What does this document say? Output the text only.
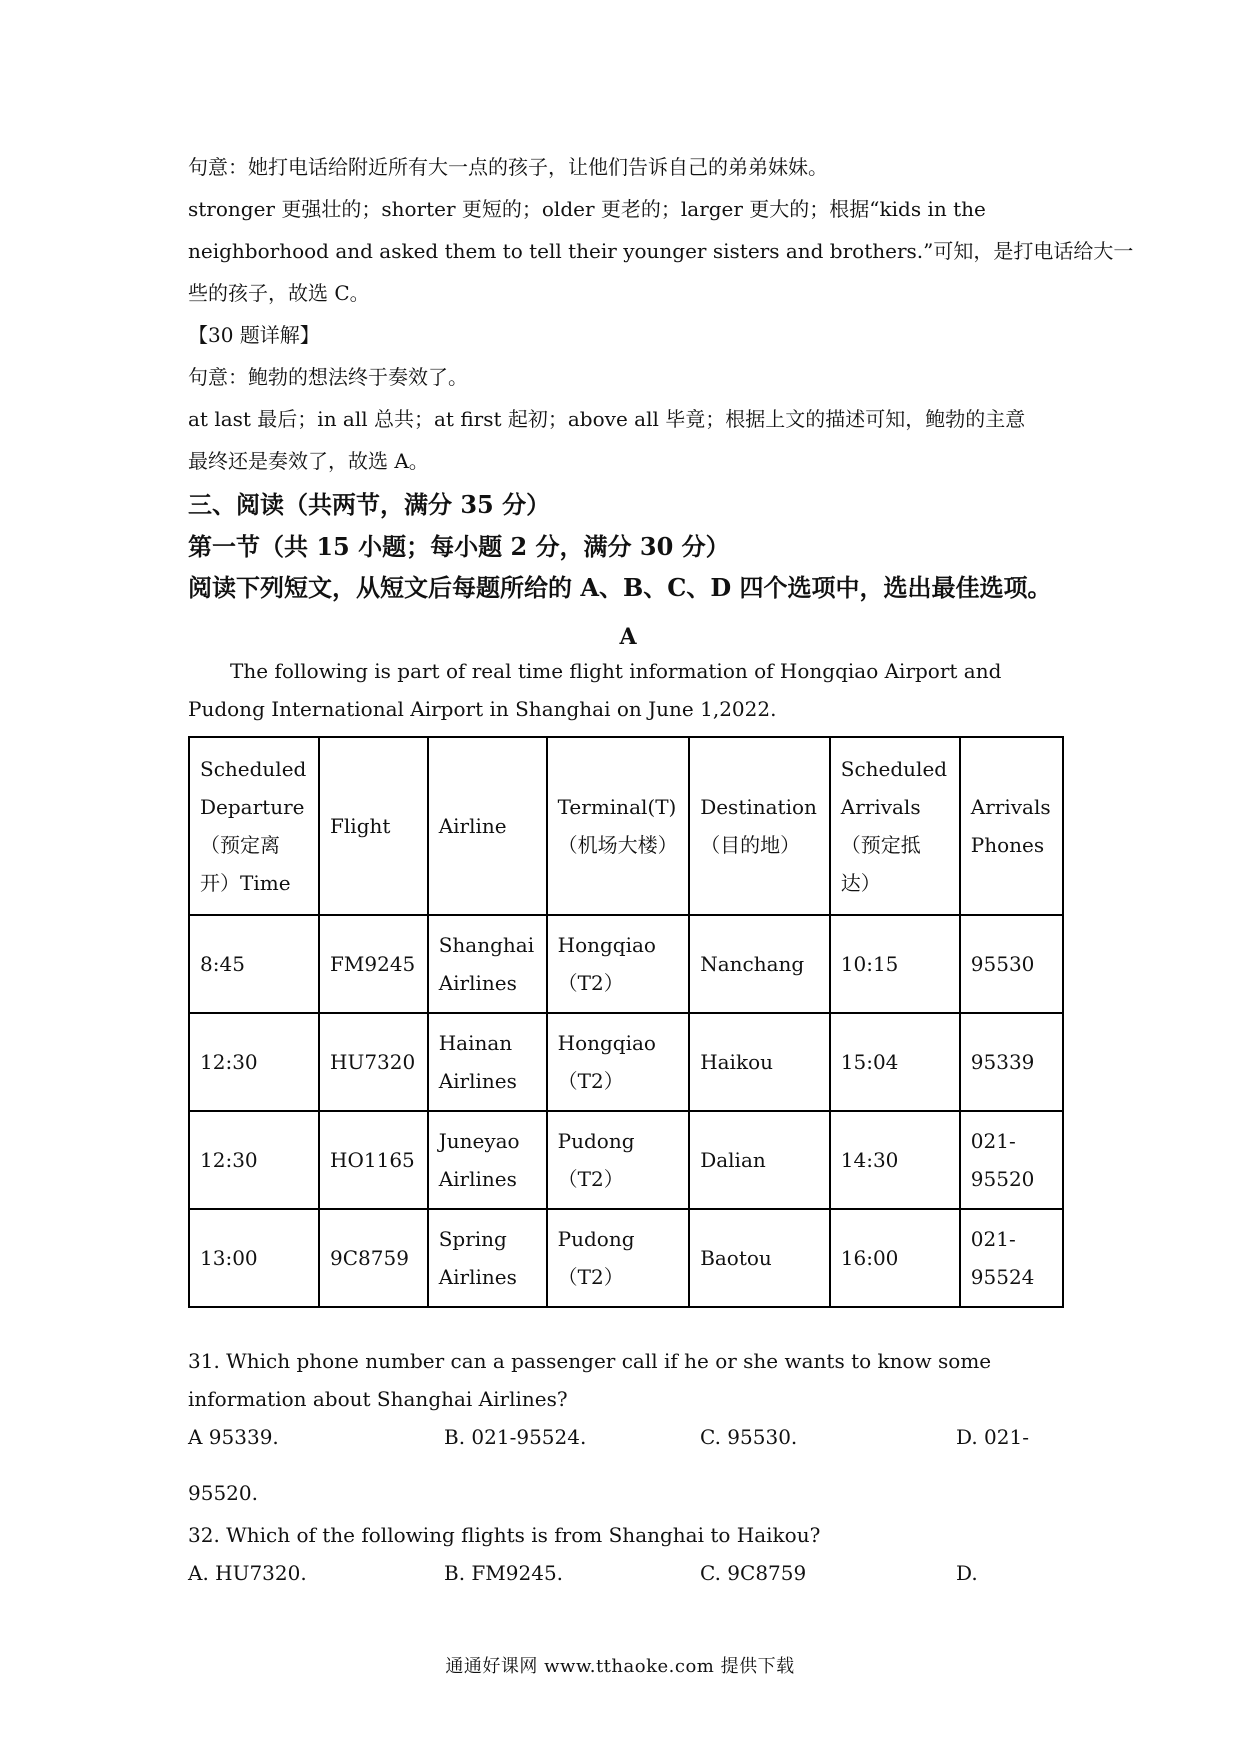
句意：她打电话给附近所有大一点的孩子，让他们告诉自己的弟弟妹妹。
stronger 更强壮的；shorter 更短的；older 更老的；larger 更大的；根据“kids in the
neighborhood and asked them to tell their younger sisters and brothers.”可知，是打电话给大一
些的孩子，故选 C。
【30 题详解】
句意：鲍勃的想法终于奏效了。
at last 最后；in all 总共；at first 起初；above all 毕竟；根据上文的描述可知，鲍勃的主意
最终还是奏效了，故选 A。
三、阅读（共两节，满分 35 分）
第一节（共 15 小题；每小题 2 分，满分 30 分）
阅读下列短文，从短文后每题所给的 A、B、C、D 四个选项中，选出最佳选项。
A
The following is part of real time flight information of Hongqiao Airport and Pudong International Airport in Shanghai on June 1,2022.
Scheduled Departure（预定离开）Time	Flight	Airline	Terminal(T)（机场大楼）	Destination（目的地）	Scheduled Arrivals（预定抵达）	Arrivals Phones
8:45	FM9245	Shanghai Airlines	Hongqiao（T2）	Nanchang	10:15	95530
12:30	HU7320	Hainan Airlines	Hongqiao（T2）	Haikou	15:04	95339
12:30	HO1165	Juneyao Airlines	Pudong（T2）	Dalian	14:30	021-95520
13:00	9C8759	Spring Airlines	Pudong（T2）	Baotou	16:00	021-95524
31. Which phone number can a passenger call if he or she wants to know some information about Shanghai Airlines?
A 95339.	B. 021-95524.	C. 95530.	D. 021-
95520.
32. Which of the following flights is from Shanghai to Haikou?
A. HU7320.	B. FM9245.	C. 9C8759	D.
通通好课网 www.tthaoke.com 提供下载
